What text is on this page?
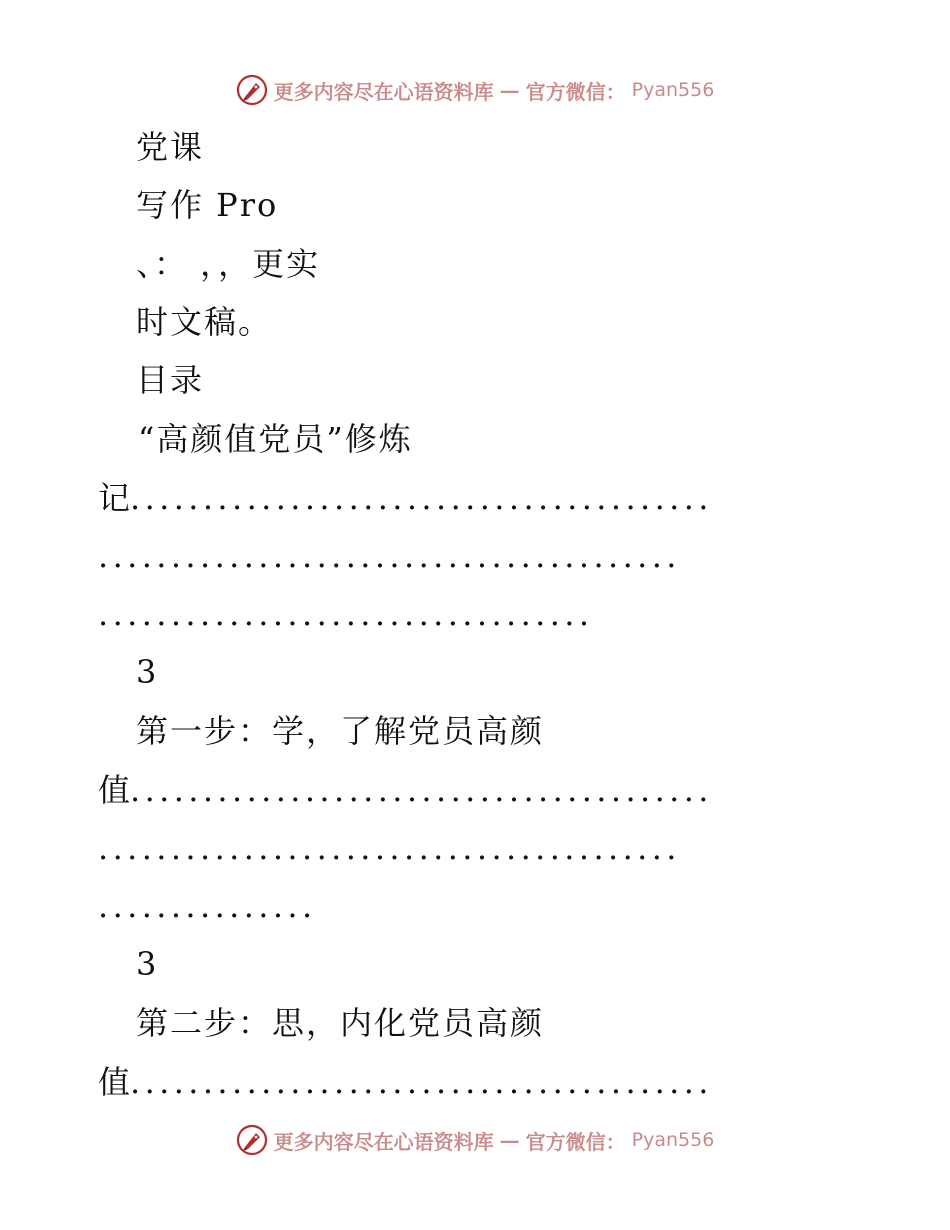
更多内容尽在心语资料库 — 官方微信： Pyan556
党课
写作 Pro
、： ，，更实
时文稿。
目录
“高颜值党员”修炼
记
........................................
........................................
..................................
3
第一步：学，了解党员高颜
值
........................................
........................................
...............
3
第二步：思，内化党员高颜
值
........................................
更多内容尽在心语资料库 — 官方微信： Pyan556
